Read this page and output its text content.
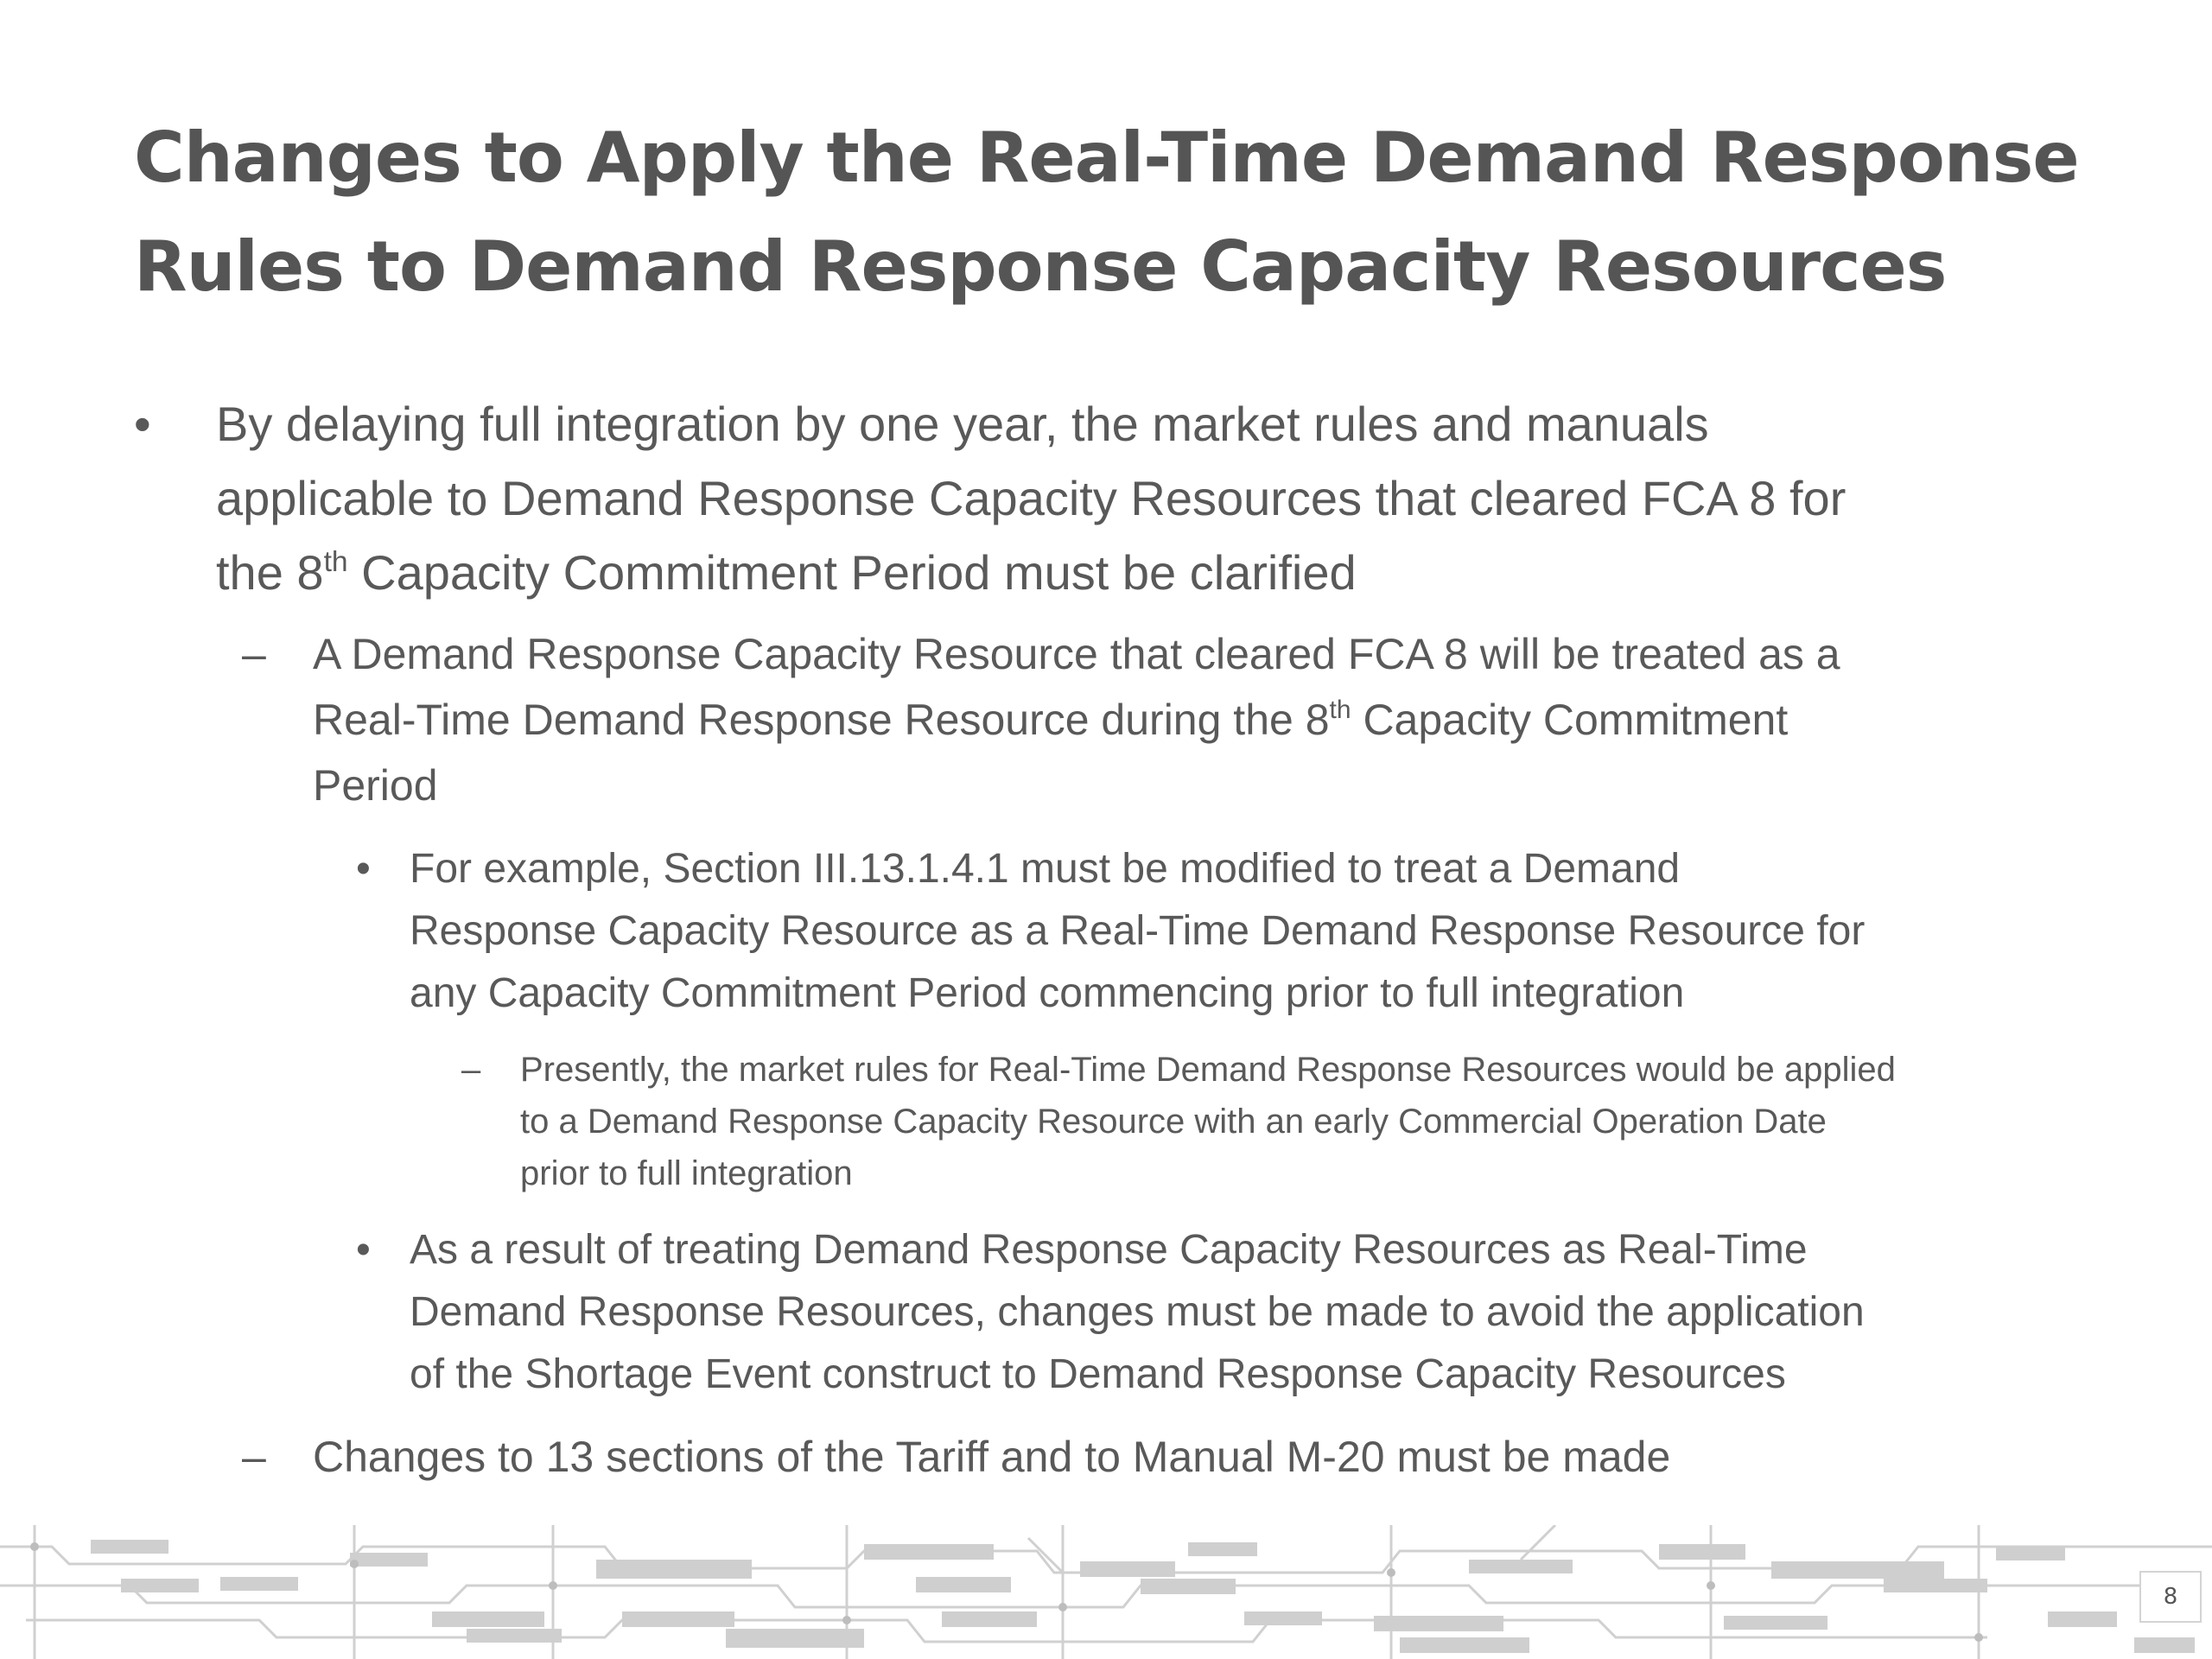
Changes to Apply the Real-Time Demand Response
Rules to Demand Response Capacity Resources
• By delaying full integration by one year, the market rules and manuals
applicable to Demand Response Capacity Resources that cleared FCA 8 for
the 8th Capacity Commitment Period must be clarified
– A Demand Response Capacity Resource that cleared FCA 8 will be treated as a
Real-Time Demand Response Resource during the 8th Capacity Commitment
Period
• For example, Section III.13.1.4.1 must be modified to treat a Demand
Response Capacity Resource as a Real-Time Demand Response Resource for
any Capacity Commitment Period commencing prior to full integration
– Presently, the market rules for Real-Time Demand Response Resources would be applied
to a Demand Response Capacity Resource with an early Commercial Operation Date
prior to full integration
• As a result of treating Demand Response Capacity Resources as Real-Time
Demand Response Resources, changes must be made to avoid the application
of the Shortage Event construct to Demand Response Capacity Resources
– Changes to 13 sections of the Tariff and to Manual M-20 must be made
8
